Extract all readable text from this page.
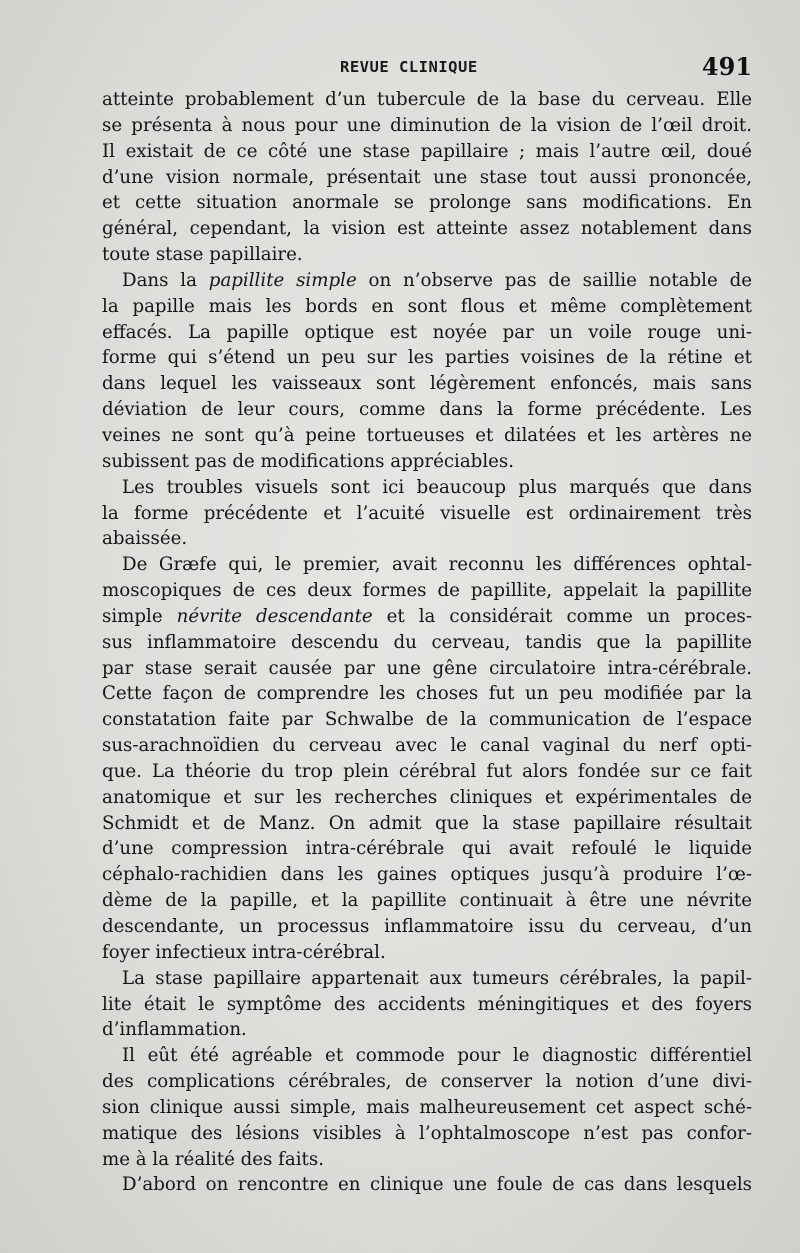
REVUE CLINIQUE	491
atteinte probablement d’un tubercule de la base du cerveau. Elle
se présenta à nous pour une diminution de la vision de l’œil droit.
Il existait de ce côté une stase papillaire ; mais l’autre œil, doué
d’une vision normale, présentait une stase tout aussi prononcée,
et cette situation anormale se prolonge sans modifications. En
général, cependant, la vision est atteinte assez notablement dans
toute stase papillaire.
Dans la papillite simple on n’observe pas de saillie notable de
la papille mais les bords en sont flous et même complètement
effacés. La papille optique est noyée par un voile rouge uni-
forme qui s’étend un peu sur les parties voisines de la rétine et
dans lequel les vaisseaux sont légèrement enfoncés, mais sans
déviation de leur cours, comme dans la forme précédente. Les
veines ne sont qu’à peine tortueuses et dilatées et les artères ne
subissent pas de modifications appréciables.
Les troubles visuels sont ici beaucoup plus marqués que dans
la forme précédente et l’acuité visuelle est ordinairement très
abaissée.
De Græfe qui, le premier, avait reconnu les différences ophtal-
moscopiques de ces deux formes de papillite, appelait la papillite
simple névrite descendante et la considérait comme un proces-
sus inflammatoire descendu du cerveau, tandis que la papillite
par stase serait causée par une gêne circulatoire intra-cérébrale.
Cette façon de comprendre les choses fut un peu modifiée par la
constatation faite par Schwalbe de la communication de l’espace
sus-arachnoïdien du cerveau avec le canal vaginal du nerf opti-
que. La théorie du trop plein cérébral fut alors fondée sur ce fait
anatomique et sur les recherches cliniques et expérimentales de
Schmidt et de Manz. On admit que la stase papillaire résultait
d’une compression intra-cérébrale qui avait refoulé le liquide
céphalo-rachidien dans les gaines optiques jusqu’à produire l’œ-
dème de la papille, et la papillite continuait à être une névrite
descendante, un processus inflammatoire issu du cerveau, d’un
foyer infectieux intra-cérébral.
La stase papillaire appartenait aux tumeurs cérébrales, la papil-
lite était le symptôme des accidents méningitiques et des foyers
d’inflammation.
Il eût été agréable et commode pour le diagnostic différentiel
des complications cérébrales, de conserver la notion d’une divi-
sion clinique aussi simple, mais malheureusement cet aspect sché-
matique des lésions visibles à l’ophtalmoscope n’est pas confor-
me à la réalité des faits.
D’abord on rencontre en clinique une foule de cas dans lesquels
